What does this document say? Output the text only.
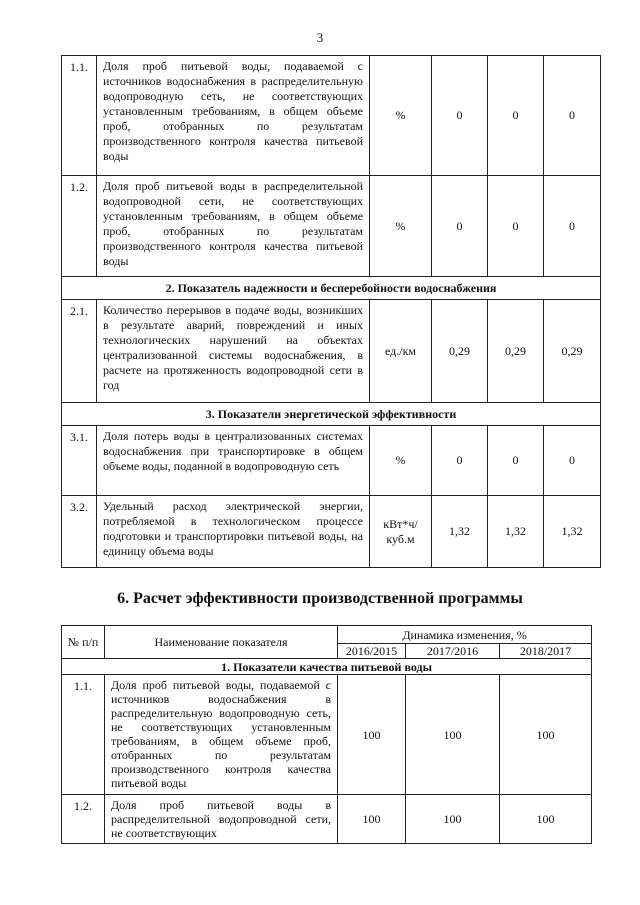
3
1.1.	Доля проб питьевой воды, подаваемой с источников водоснабжения в распределительную водопроводную сеть, не соответствующих установленным требованиям, в общем объеме проб, отобранных по результатам производственного контроля качества питьевой воды	%	0	0	0
1.2.	Доля проб питьевой воды в распределительной водопроводной сети, не соответствующих установленным требованиям, в общем объеме проб, отобранных по результатам производственного контроля качества питьевой воды	%	0	0	0
2. Показатель надежности и бесперебойности водоснабжения					
2.1.	Количество перерывов в подаче воды, возникших в результате аварий, повреждений и иных технологических нарушений на объектах централизованной системы водоснабжения, в расчете на протяженность водопроводной сети в год	ед./км	0,29	0,29	0,29
3. Показатели энергетической эффективности					
3.1.	Доля потерь воды в централизованных системах водоснабжения при транспортировке в общем объеме воды, поданной в водопроводную сеть	%	0	0	0
3.2.	Удельный расход электрической энергии, потребляемой в технологическом процессе подготовки и транспортировки питьевой воды, на единицу объема воды	кВт*ч/ куб.м	1,32	1,32	1,32
6. Расчет эффективности производственной программы
№ п/п	Наименование показателя	Динамика изменения, %		
		2016/2015	2017/2016	2018/2017
1. Показатели качества питьевой воды				
1.1.	Доля проб питьевой воды, подаваемой с источников водоснабжения в распределительную водопроводную сеть, не соответствующих установленным требованиям, в общем объеме проб, отобранных по результатам производственного контроля качества питьевой воды	100	100	100
1.2.	Доля проб питьевой воды в распределительной водопроводной сети, не соответствующих	100	100	100
